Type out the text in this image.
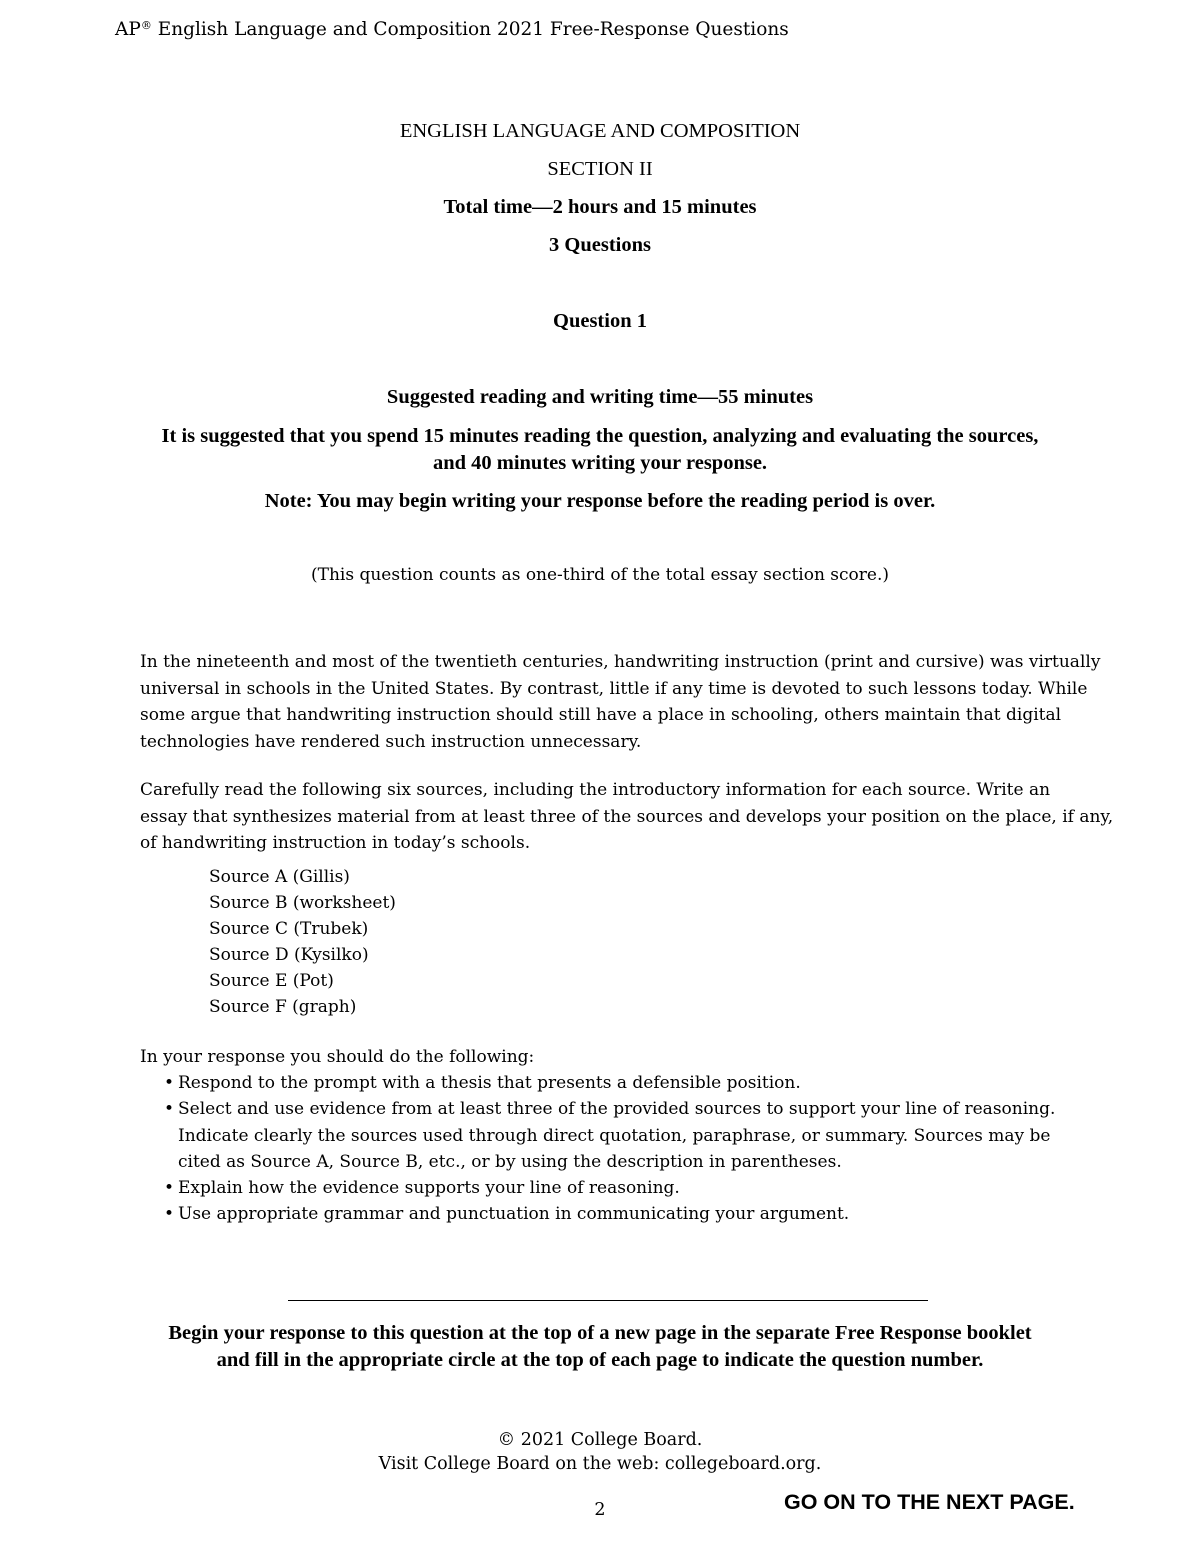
AP® English Language and Composition 2021 Free-Response Questions
ENGLISH LANGUAGE AND COMPOSITION
SECTION II
Total time—2 hours and 15 minutes
3 Questions
Question 1
Suggested reading and writing time—55 minutes
It is suggested that you spend 15 minutes reading the question, analyzing and evaluating the sources,
and 40 minutes writing your response.
Note: You may begin writing your response before the reading period is over.
(This question counts as one-third of the total essay section score.)

In the nineteenth and most of the twentieth centuries, handwriting instruction (print and cursive) was virtually

universal in schools in the United States. By contrast, little if any time is devoted to such lessons today. While

some argue that handwriting instruction should still have a place in schooling, others maintain that digital

technologies have rendered such instruction unnecessary.

Carefully read the following six sources, including the introductory information for each source. Write an

essay that synthesizes material from at least three of the sources and develops your position on the place, if any,

of handwriting instruction in today’s schools.

Source A (Gillis)
Source B (worksheet)
Source C (Trubek)
Source D (Kysilko)
Source E (Pot)
Source F (graph)
In your response you should do the following:
• Respond to the prompt with a thesis that presents a defensible position.
• Select and use evidence from at least three of the provided sources to support your line of reasoning.
Indicate clearly the sources used through direct quotation, paraphrase, or summary. Sources may be
cited as Source A, Source B, etc., or by using the description in parentheses.
• Explain how the evidence supports your line of reasoning.
• Use appropriate grammar and punctuation in communicating your argument.
Begin your response to this question at the top of a new page in the separate Free Response booklet
and fill in the appropriate circle at the top of each page to indicate the question number.
© 2021 College Board.
Visit College Board on the web: collegeboard.org.
2	GO ON TO THE NEXT PAGE.
